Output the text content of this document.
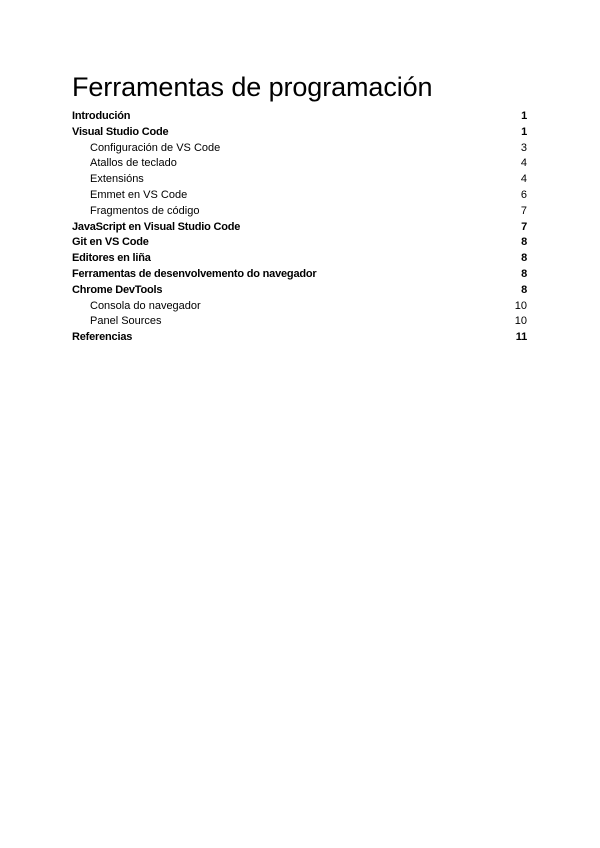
Ferramentas de programación
Introdución	1
Visual Studio Code	1
Configuración de VS Code	3
Atallos de teclado	4
Extensións	4
Emmet en VS Code	6
Fragmentos de código	7
JavaScript en Visual Studio Code	7
Git en VS Code	8
Editores en liña	8
Ferramentas de desenvolvemento do navegador	8
Chrome DevTools	8
Consola do navegador	10
Panel Sources	10
Referencias	11
